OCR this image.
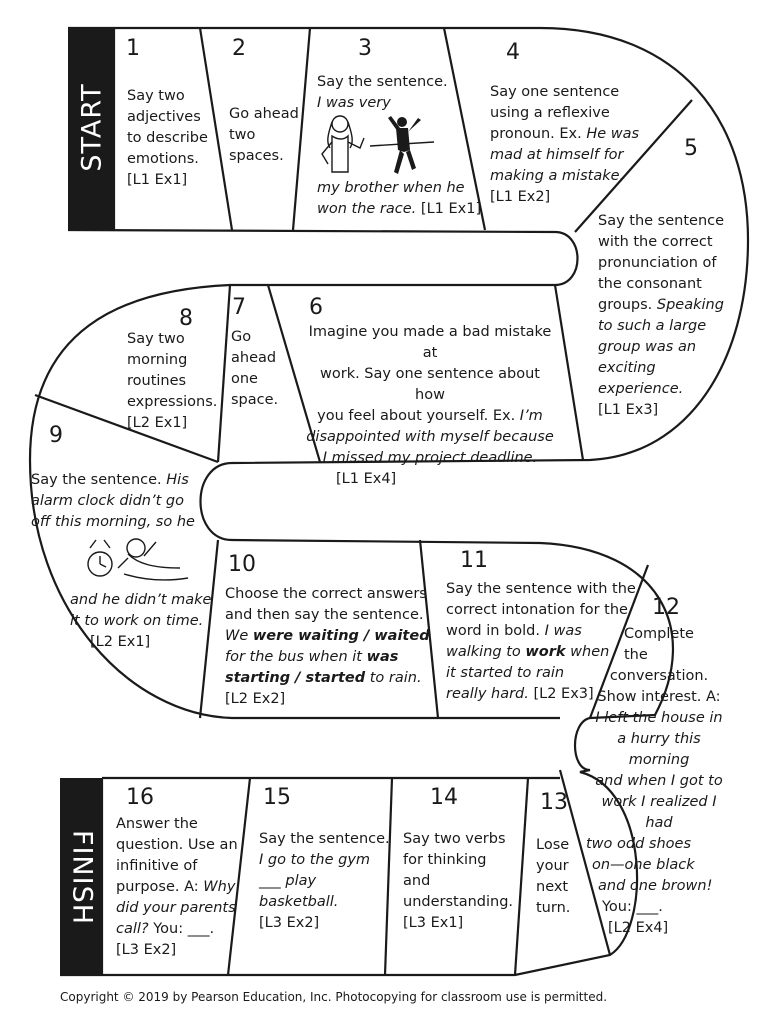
START
FINISH
1
Say two
adjectives
to describe
emotions.
[L1 Ex1]
2
Go ahead
two
spaces.
3
Say the sentence.
I was very
my brother when he
won the race. [L1 Ex1]
4
Say one sentence
using a reflexive
pronoun. Ex. He was
mad at himself for
making a mistake.
[L1 Ex2]
5
Say the sentence
with the correct
pronunciation of
the consonant
groups. Speaking
to such a large
group was an
exciting
experience.
[L1 Ex3]
6
Imagine you made a bad mistake at
work. Say one sentence about how
you feel about yourself. Ex. I’m
disappointed with myself because
I missed my project deadline.
[L1 Ex4]
7
Go
ahead
one
space.
8
Say two
morning
routines
expressions.
[L2 Ex1]
9
Say the sentence. His
alarm clock didn’t go
off this morning, so he
and he didn’t make
it to work on time.
[L2 Ex1]
10
Choose the correct answers
and then say the sentence.
We were waiting / waited
for the bus when it was
starting / started to rain.
[L2 Ex2]
11
Say the sentence with the
correct intonation for the
word in bold. I was
walking to work when
it started to rain
really hard. [L2 Ex3]
12
Complete
the
conversation.
Show interest. A:
I left the house in
a hurry this morning
and when I got to
work I realized I had
two odd shoes
on—one black
and one brown!
You: ___.
[L2 Ex4]
13
Lose
your
next
turn.
14
Say two verbs
for thinking
and
understanding.
[L3 Ex1]
15
Say the sentence.
I go to the gym
___ play
basketball.
[L3 Ex2]
16
Answer the
question. Use an
infinitive of
purpose. A: Why
did your parents
call? You: ___.
[L3 Ex2]
Copyright © 2019 by Pearson Education, Inc. Photocopying for classroom use is permitted.
